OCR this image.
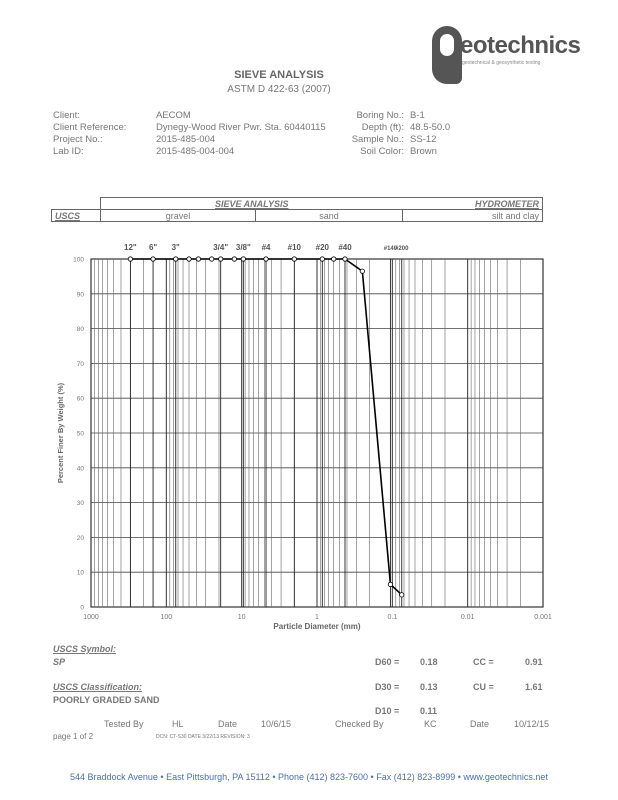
eotechnics
geotechnical & geosynthetic testing
SIEVE ANALYSIS
ASTM D 422-63 (2007)
Client:	AECOM
Client Reference:	Dynegy-Wood River Pwr. Sta. 60440115
Project No.:	2015-485-004
Lab ID:	2015-485-004-004
Boring No.: B-1
Depth (ft): 48.5-50.0
Sample No.: SS-12
Soil Color: Brown
	SIEVE ANALYSIS		HYDROMETER
USCS	gravel	sand	silt and clay
12" 6" 3"	3/4" 3/8" #4 #10 #20 #40	#140
#200
1000	100	10	1	0.1	0.01	0.001
0
10
20
30
40
50
60
70
80
90
100
Particle Diameter (mm)
Percent Finer By Weight (%)
USCS Symbol:
SP
USCS Classification:
POORLY GRADED SAND
D60 = 0.18	CC =	0.91
D30 = 0.13	CU =	1.61
D10 = 0.11
Tested By	HL	Date	10/6/15	Checked By	KC	Date	10/12/15
page 1 of 2	DCN: CT-S30 DATE 3/22/13 REVISION: 3
544 Braddock Avenue • East Pittsburgh, PA 15112 • Phone (412) 823-7600 • Fax (412) 823-8999 • www.geotechnics.net
